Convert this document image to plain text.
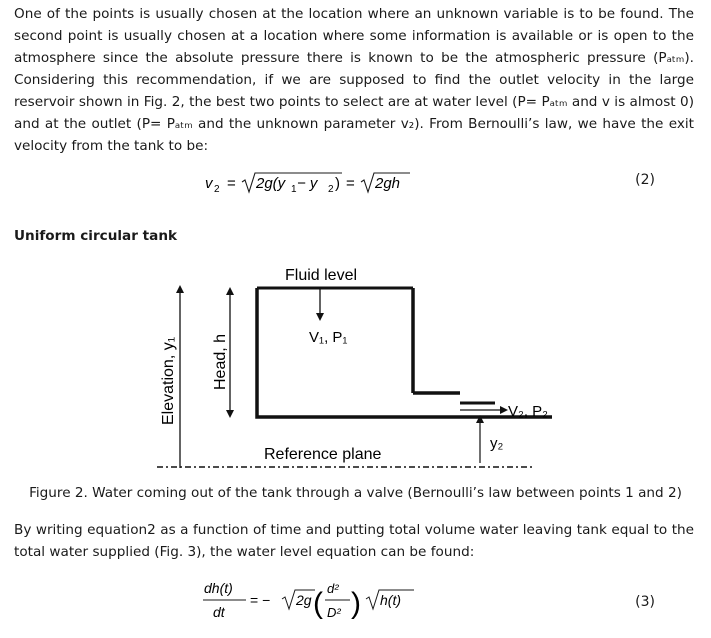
One of the points is usually chosen at the location where an unknown variable is to be found. The second point is usually chosen at a location where some information is available or is open to the atmosphere since the absolute pressure there is known to be the atmospheric pressure (Pₐₜₘ). Considering this recommendation, if we are supposed to find the outlet velocity in the large reservoir shown in Fig. 2, the best two points to select are at water level (P= Pₐₜₘ and v is almost 0) and at the outlet (P= Pₐₜₘ and the unknown parameter v₂). From Bernoulli’s law, we have the exit velocity from the tank to be:
v 2 = 2g(y 1 − y 2 ) = 2gh	(2)
Uniform circular tank
Fluid level
V₁, P₁
Elevation, y₁ Head, h
V₂, P₂
y₂
Reference plane
Figure 2. Water coming out of the tank through a valve (Bernoulli’s law between points 1 and 2)
By writing equation2 as a function of time and putting total volume water leaving tank equal to the total water supplied (Fig. 3), the water level equation can be found:
dh(t)
dt
= − 2g ( d²
D² ) h(t)	(3)
